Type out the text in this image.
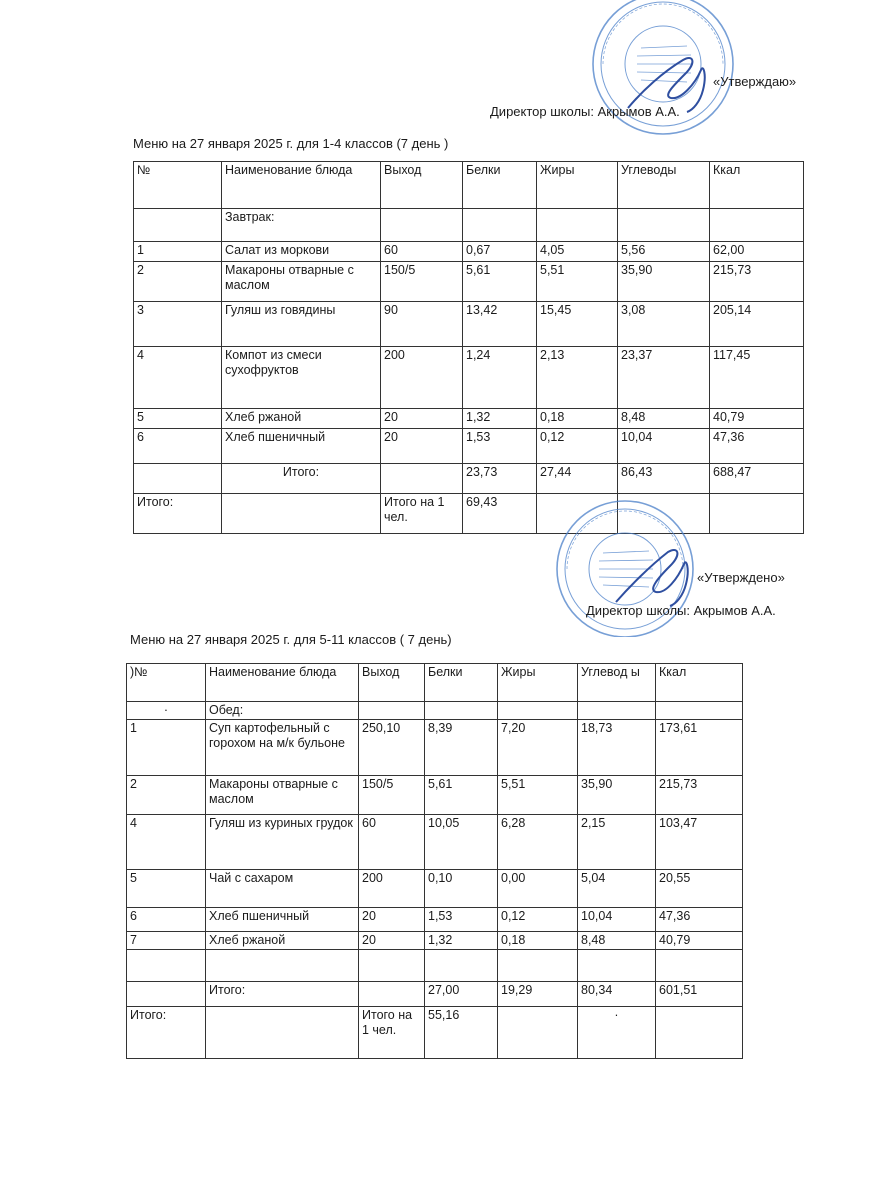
«Утверждаю»
Директор школы: Акрымов А.А.
Меню на 27 января 2025 г. для 1-4 классов (7 день )
№	Наименование блюда	Выход	Белки	Жиры	Углеводы	Ккал
	Завтрак:					
1	Салат из моркови	60	0,67	4,05	5,56	62,00
2	Макароны отварные с маслом	150/5	5,61	5,51	35,90	215,73
3	Гуляш из говядины	90	13,42	15,45	3,08	205,14
4	Компот из смеси сухофруктов	200	1,24	2,13	23,37	117,45
5	Хлеб ржаной	20	1,32	0,18	8,48	40,79
6	Хлеб пшеничный	20	1,53	0,12	10,04	47,36
	Итого:		23,73	27,44	86,43	688,47
Итого:		Итого на 1 чел.	69,43			
«Утверждено»
Директор школы: Акрымов А.А.
Меню на 27 января 2025 г. для 5-11 классов ( 7 день)
)№	Наименование блюда	Выход	Белки	Жиры	Углевод ы	Ккал
·	Обед:					
1	Суп картофельный с горохом на м/к бульоне	250,10	8,39	7,20	18,73	173,61
2	Макароны отварные с маслом	150/5	5,61	5,51	35,90	215,73
4	Гуляш из куриных грудок	60	10,05	6,28	2,15	103,47
5	Чай с сахаром	200	0,10	0,00	5,04	20,55
6	Хлеб пшеничный	20	1,53	0,12	10,04	47,36
7	Хлеб ржаной	20	1,32	0,18	8,48	40,79

	Итого:		27,00	19,29	80,34	601,51
Итого:		Итого на 1 чел.	55,16		·	
